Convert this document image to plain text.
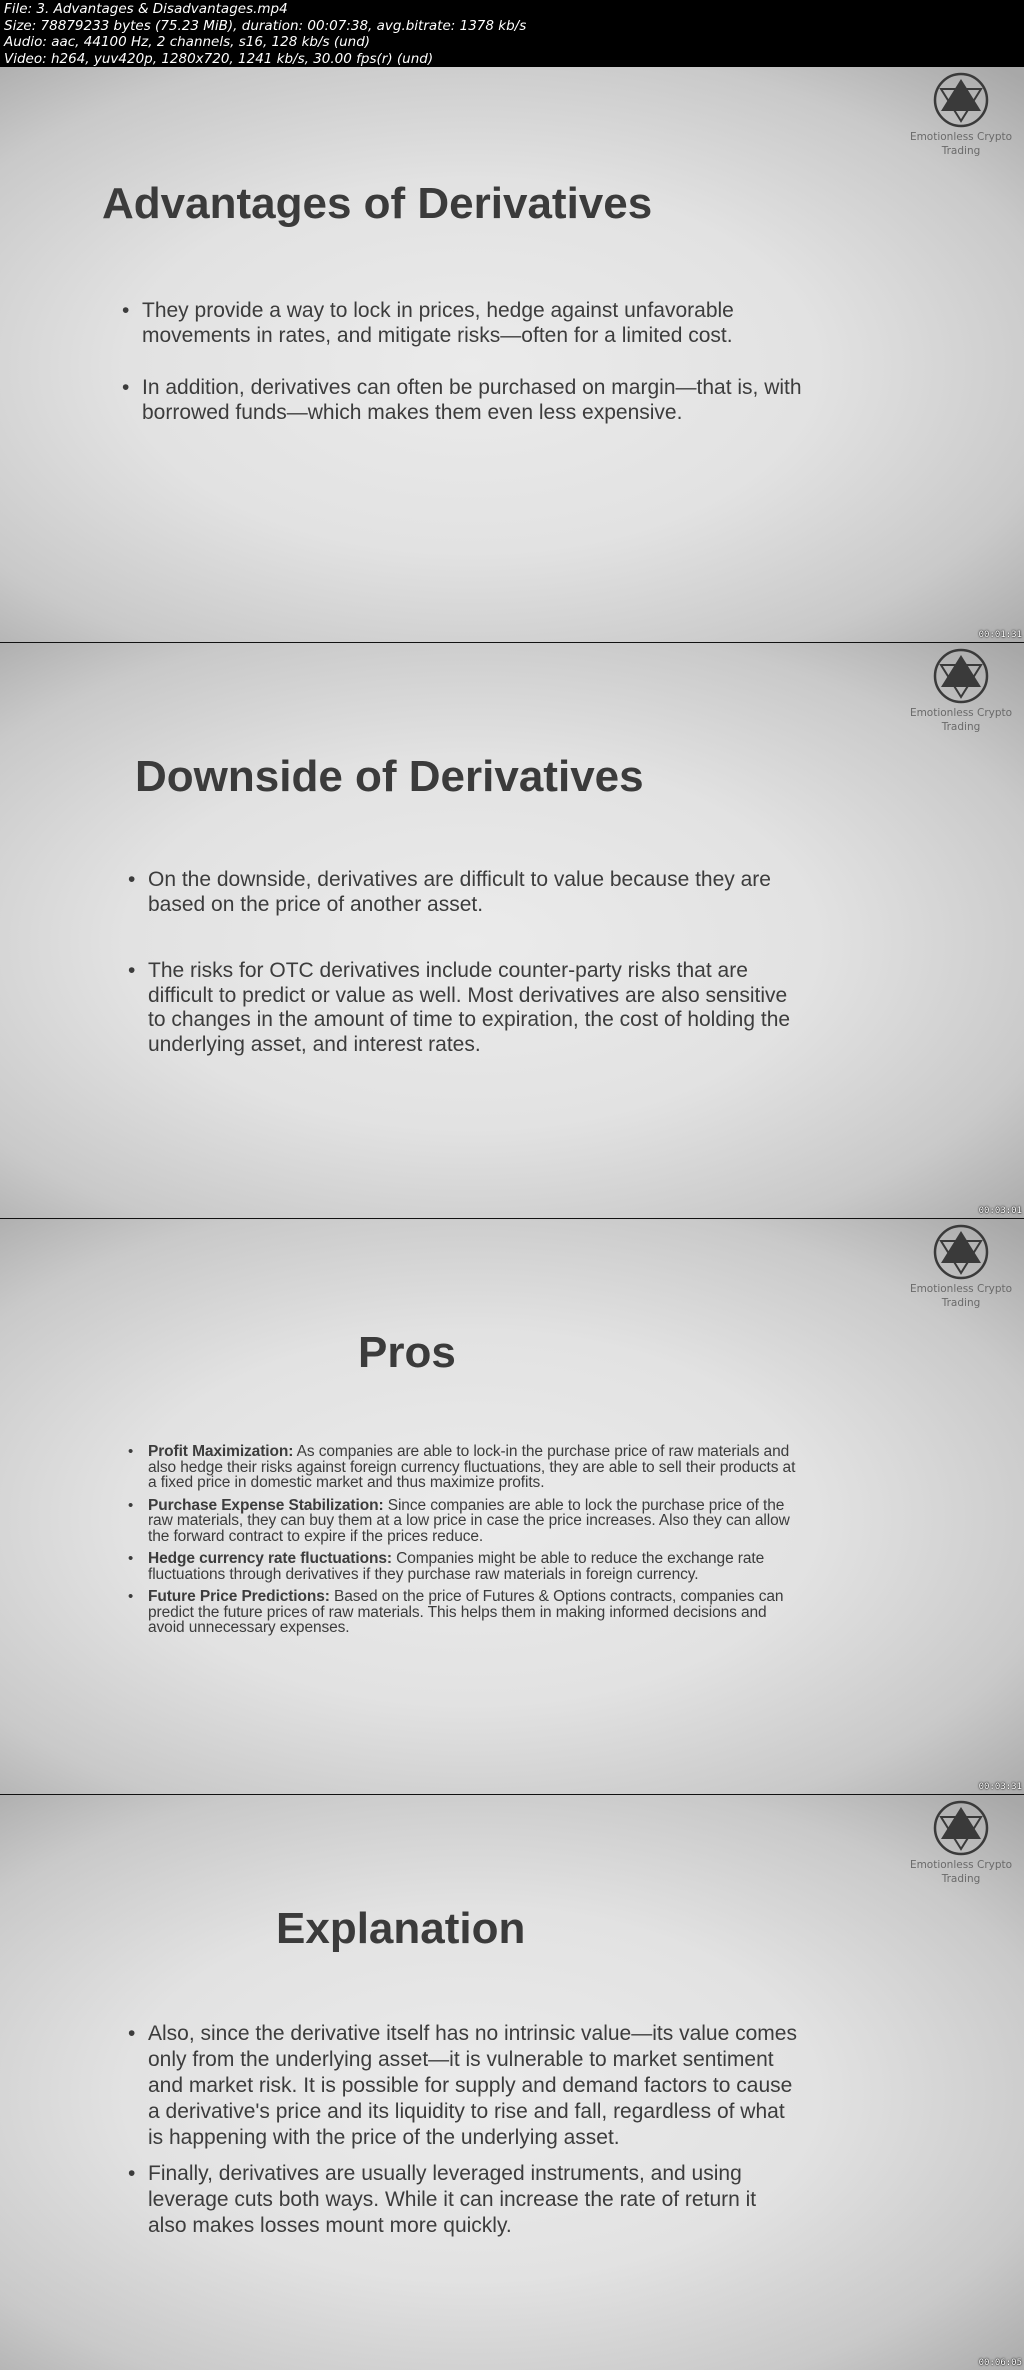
File: 3. Advantages & Disadvantages.mp4
Size: 78879233 bytes (75.23 MiB), duration: 00:07:38, avg.bitrate: 1378 kb/s
Audio: aac, 44100 Hz, 2 channels, s16, 128 kb/s (und)
Video: h264, yuv420p, 1280x720, 1241 kb/s, 30.00 fps(r) (und)
Emotionless Crypto
Trading
Advantages of Derivatives
• They provide a way to lock in prices, hedge against unfavorable movements in rates, and mitigate risks—often for a limited cost.
• In addition, derivatives can often be purchased on margin—that is, with borrowed funds—which makes them even less expensive.
00:01:31
Emotionless Crypto
Trading
Downside of Derivatives
• On the downside, derivatives are difficult to value because they are based on the price of another asset.
• The risks for OTC derivatives include counter-party risks that are difficult to predict or value as well. Most derivatives are also sensitive to changes in the amount of time to expiration, the cost of holding the underlying asset, and interest rates.
00:03:01
Emotionless Crypto
Trading
Pros
• Profit Maximization: As companies are able to lock-in the purchase price of raw materials and also hedge their risks against foreign currency fluctuations, they are able to sell their products at a fixed price in domestic market and thus maximize profits.
• Purchase Expense Stabilization: Since companies are able to lock the purchase price of the raw materials, they can buy them at a low price in case the price increases. Also they can allow the forward contract to expire if the prices reduce.
• Hedge currency rate fluctuations: Companies might be able to reduce the exchange rate fluctuations through derivatives if they purchase raw materials in foreign currency.
• Future Price Predictions: Based on the price of Futures & Options contracts, companies can predict the future prices of raw materials. This helps them in making informed decisions and avoid unnecessary expenses.
00:03:31
Emotionless Crypto
Trading
Explanation
• Also, since the derivative itself has no intrinsic value—its value comes only from the underlying asset—it is vulnerable to market sentiment and market risk. It is possible for supply and demand factors to cause a derivative's price and its liquidity to rise and fall, regardless of what is happening with the price of the underlying asset.
• Finally, derivatives are usually leveraged instruments, and using leverage cuts both ways. While it can increase the rate of return it also makes losses mount more quickly.
00:06:05
